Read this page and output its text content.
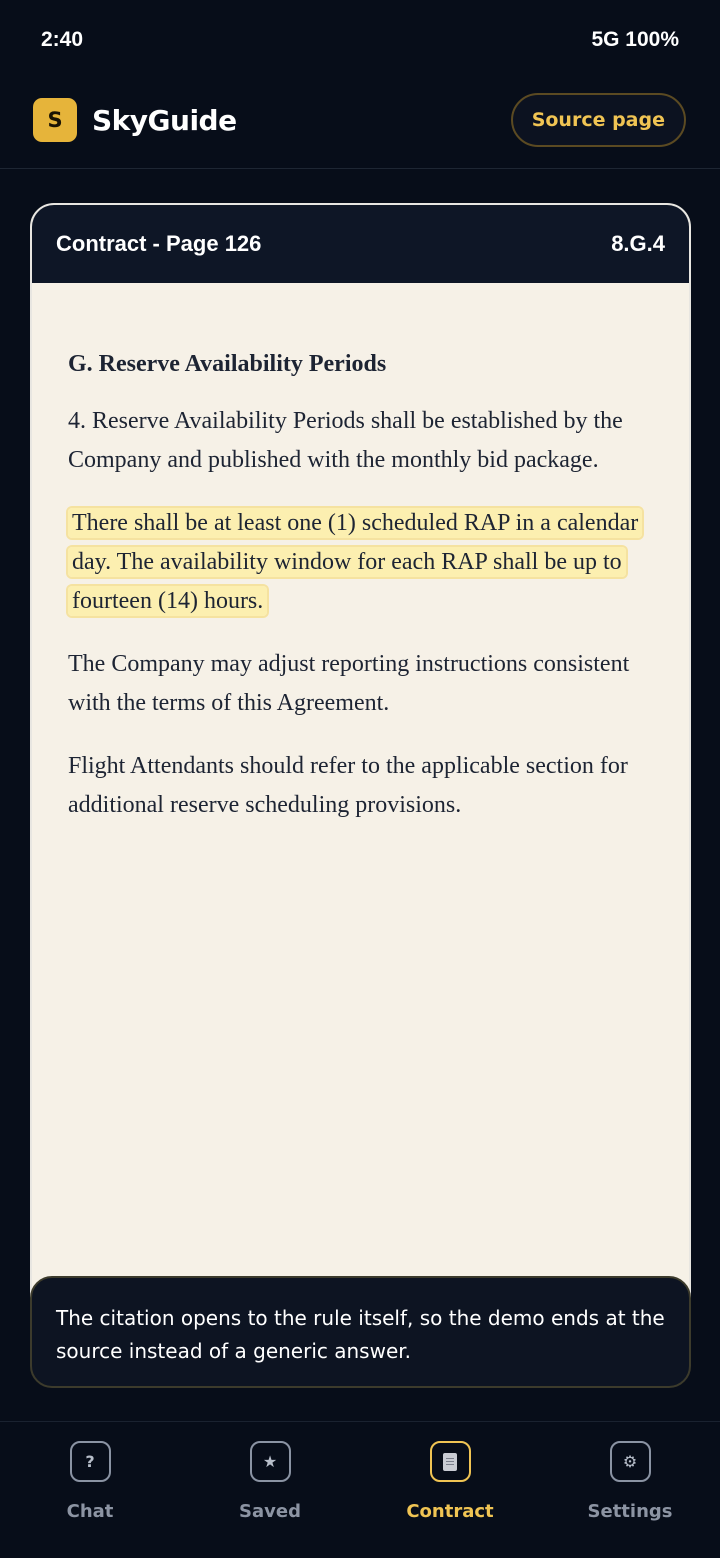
2:40	5G 100%
S	SkyGuide	Source page
Contract - Page 126	8.G.4
G. Reserve Availability Periods

4. Reserve Availability Periods shall be established by the Company and published with the monthly bid package.

There shall be at least one (1) scheduled RAP in a calendar day. The availability window for each RAP shall be up to fourteen (14) hours.

The Company may adjust reporting instructions consistent with the terms of this Agreement.

Flight Attendants should refer to the applicable section for additional reserve scheduling provisions.

The citation opens to the rule itself, so the demo ends at the source instead of a generic answer.
?
Chat
★
Saved	Contract
⚙
Settings
